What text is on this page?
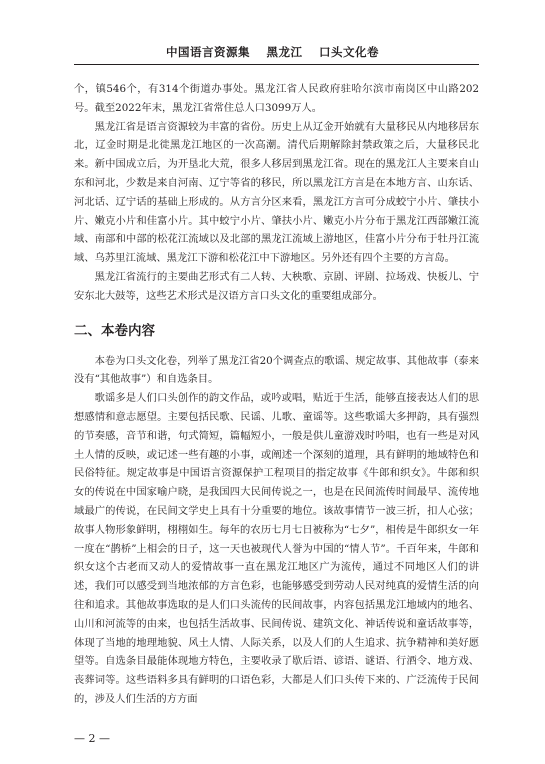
中国语言资源集 黑龙江 口头文化卷

个，镇546个，有314个街道办事处。黑龙江省人民政府驻哈尔滨市南岗区中山路202号。截至2022年末，黑龙江省常住总人口3099万人。

黑龙江省是语言资源较为丰富的省份。历史上从辽金开始就有大量移民从内地移居东北，辽金时期是北徙黑龙江地区的一次高潮。清代后期解除封禁政策之后，大量移民北来。新中国成立后，为开垦北大荒，很多人移居到黑龙江省。现在的黑龙江人主要来自山东和河北，少数是来自河南、辽宁等省的移民，所以黑龙江方言是在本地方言、山东话、河北话、辽宁话的基础上形成的。从方言分区来看，黑龙江方言可分成蛟宁小片、肇扶小片、嫩克小片和佳富小片。其中蛟宁小片、肇扶小片、嫩克小片分布于黑龙江西部嫩江流域、南部和中部的松花江流域以及北部的黑龙江流域上游地区，佳富小片分布于牡丹江流域、乌苏里江流域、黑龙江下游和松花江中下游地区。另外还有四个主要的方言岛。

黑龙江省流行的主要曲艺形式有二人转、大秧歌、京剧、评剧、拉场戏、快板儿、宁安东北大鼓等，这些艺术形式是汉语方言口头文化的重要组成部分。

二、本卷内容

本卷为口头文化卷，列举了黑龙江省20个调查点的歌谣、规定故事、其他故事（泰来没有“其他故事”）和自选条目。

歌谣多是人们口头创作的韵文作品，或吟或唱，贴近于生活，能够直接表达人们的思想感情和意志愿望。主要包括民歌、民谣、儿歌、童谣等。这些歌谣大多押韵，具有强烈的节奏感，音节和谐，句式简短，篇幅短小，一般是供儿童游戏时吟唱，也有一些是对风土人情的反映，或记述一些有趣的小事，或阐述一个深刻的道理，具有鲜明的地域特色和民俗特征。规定故事是中国语言资源保护工程项目的指定故事《牛郎和织女》。牛郎和织女的传说在中国家喻户晓，是我国四大民间传说之一，也是在民间流传时间最早、流传地域最广的传说，在民间文学史上具有十分重要的地位。该故事情节一波三折，扣人心弦；故事人物形象鲜明，栩栩如生。每年的农历七月七日被称为“七夕”，相传是牛郎织女一年一度在“鹊桥”上相会的日子，这一天也被现代人誉为中国的“情人节”。千百年来，牛郎和织女这个古老而又动人的爱情故事一直在黑龙江地区广为流传，通过不同地区人们的讲述，我们可以感受到当地浓郁的方言色彩，也能够感受到劳动人民对纯真的爱情生活的向往和追求。其他故事选取的是人们口头流传的民间故事，内容包括黑龙江地域内的地名、山川和河流等的由来，也包括生活故事、民间传说、建筑文化、神话传说和童话故事等，体现了当地的地理地貌、风土人情、人际关系，以及人们的人生追求、抗争精神和美好愿望等。自选条目最能体现地方特色，主要收录了歇后语、谚语、谜语、行酒令、地方戏、丧葬词等。这些语料多具有鲜明的口语色彩，大都是人们口头传下来的、广泛流传于民间的，涉及人们生活的方方面

— 2 —
